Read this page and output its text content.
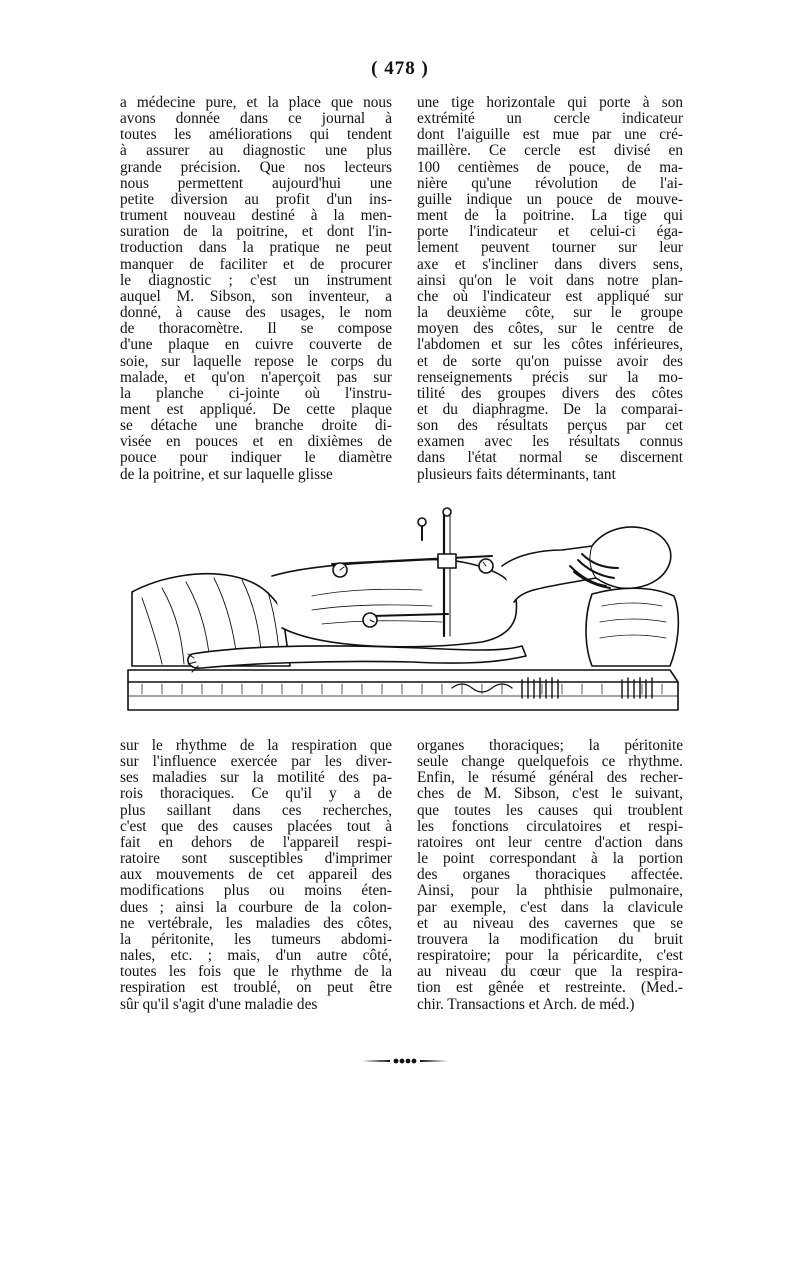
( 478 )
a médecine pure, et la place que nous
avons donnée dans ce journal à
toutes les améliorations qui tendent
à assurer au diagnostic une plus
grande précision. Que nos lecteurs
nous permettent aujourd'hui une
petite diversion au profit d'un ins-
trument nouveau destiné à la men-
suration de la poitrine, et dont l'in-
troduction dans la pratique ne peut
manquer de faciliter et de procurer
le diagnostic ; c'est un instrument
auquel M. Sibson, son inventeur, a
donné, à cause des usages, le nom
de thoracomètre. Il se compose
d'une plaque en cuivre couverte de
soie, sur laquelle repose le corps du
malade, et qu'on n'aperçoit pas sur
la planche ci-jointe où l'instru-
ment est appliqué. De cette plaque
se détache une branche droite di-
visée en pouces et en dixièmes de
pouce pour indiquer le diamètre
de la poitrine, et sur laquelle glisse
une tige horizontale qui porte à son
extrémité un cercle indicateur
dont l'aiguille est mue par une cré-
maillère. Ce cercle est divisé en
100 centièmes de pouce, de ma-
nière qu'une révolution de l'ai-
guille indique un pouce de mouve-
ment de la poitrine. La tige qui
porte l'indicateur et celui-ci éga-
lement peuvent tourner sur leur
axe et s'incliner dans divers sens,
ainsi qu'on le voit dans notre plan-
che où l'indicateur est appliqué sur
la deuxième côte, sur le groupe
moyen des côtes, sur le centre de
l'abdomen et sur les côtes inférieures,
et de sorte qu'on puisse avoir des
renseignements précis sur la mo-
tilité des groupes divers des côtes
et du diaphragme. De la comparai-
son des résultats perçus par cet
examen avec les résultats connus
dans l'état normal se discernent
plusieurs faits déterminants, tant
sur le rhythme de la respiration que
sur l'influence exercée par les diver-
ses maladies sur la motilité des pa-
rois thoraciques. Ce qu'il y a de
plus saillant dans ces recherches,
c'est que des causes placées tout à
fait en dehors de l'appareil respi-
ratoire sont susceptibles d'imprimer
aux mouvements de cet appareil des
modifications plus ou moins éten-
dues ; ainsi la courbure de la colon-
ne vertébrale, les maladies des côtes,
la péritonite, les tumeurs abdomi-
nales, etc. ; mais, d'un autre côté,
toutes les fois que le rhythme de la
respiration est troublé, on peut être
sûr qu'il s'agit d'une maladie des
organes thoraciques; la péritonite
seule change quelquefois ce rhythme.
Enfin, le résumé général des recher-
ches de M. Sibson, c'est le suivant,
que toutes les causes qui troublent
les fonctions circulatoires et respi-
ratoires ont leur centre d'action dans
le point correspondant à la portion
des organes thoraciques affectée.
Ainsi, pour la phthisie pulmonaire,
par exemple, c'est dans la clavicule
et au niveau des cavernes que se
trouvera la modification du bruit
respiratoire; pour la péricardite, c'est
au niveau du cœur que la respira-
tion est gênée et restreinte. (Med.-
chir. Transactions et Arch. de méd.)
